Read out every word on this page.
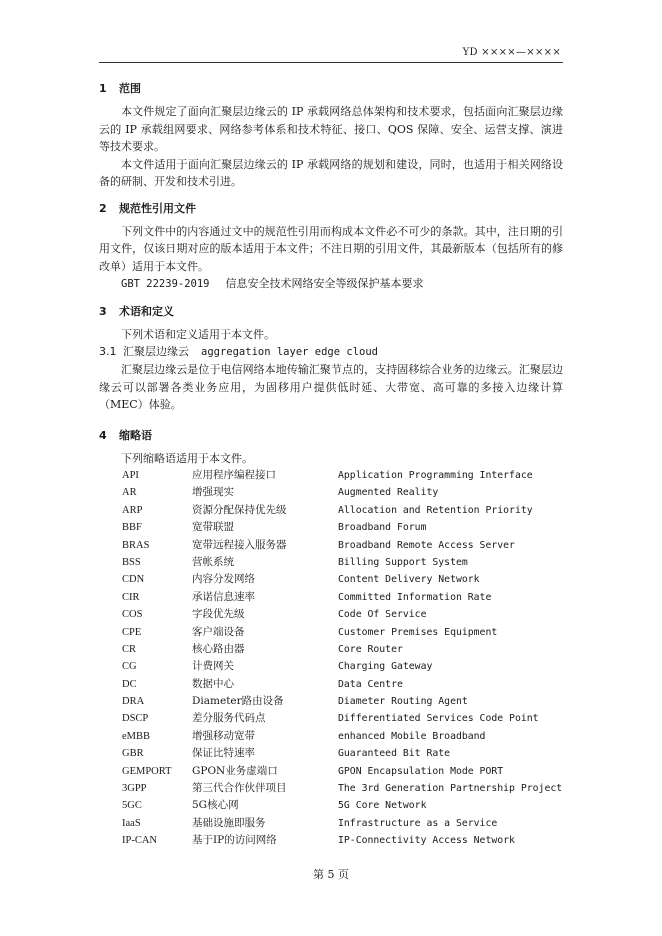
YD ××××—××××
1 范围

本文件规定了面向汇聚层边缘云的 IP 承载网络总体架构和技术要求，包括面向汇聚层边缘云的 IP 承载组网要求、网络参考体系和技术特征、接口、QOS 保障、安全、运营支撑、演进等技术要求。

本文件适用于面向汇聚层边缘云的 IP 承载网络的规划和建设，同时，也适用于相关网络设备的研制、开发和技术引进。

2 规范性引用文件

下列文件中的内容通过文中的规范性引用而构成本文件必不可少的条款。其中，注日期的引用文件，仅该日期对应的版本适用于本文件；不注日期的引用文件，其最新版本（包括所有的修改单）适用于本文件。

GBT 22239-2019 信息安全技术网络安全等级保护基本要求
3 术语和定义

下列术语和定义适用于本文件。

3.1 汇聚层边缘云 aggregation layer edge cloud

汇聚层边缘云是位于电信网络本地传输汇聚节点的，支持固移综合业务的边缘云。汇聚层边缘云可以部署各类业务应用，为固移用户提供低时延、大带宽、高可靠的多接入边缘计算（MEC）体验。

4 缩略语

下列缩略语适用于本文件。

API	应用程序编程接口	Application Programming Interface
AR	增强现实	Augmented Reality
ARP	资源分配保持优先级	Allocation and Retention Priority
BBF	宽带联盟	Broadband Forum
BRAS	宽带远程接入服务器	Broadband Remote Access Server
BSS	营帐系统	Billing Support System
CDN	内容分发网络	Content Delivery Network
CIR	承诺信息速率	Committed Information Rate
COS	字段优先级	Code Of Service
CPE	客户端设备	Customer Premises Equipment
CR	核心路由器	Core Router
CG	计费网关	Charging Gateway
DC	数据中心	Data Centre
DRA	Diameter路由设备	Diameter Routing Agent
DSCP	差分服务代码点	Differentiated Services Code Point
eMBB	增强移动宽带	enhanced Mobile Broadband
GBR	保证比特速率	Guaranteed Bit Rate
GEMPORT	GPON业务虚端口	GPON Encapsulation Mode PORT
3GPP	第三代合作伙伴项目	The 3rd Generation Partnership Project
5GC	5G核心网	5G Core Network
IaaS	基础设施即服务	Infrastructure as a Service
IP-CAN	基于IP的访问网络	IP-Connectivity Access Network
第 5 页
